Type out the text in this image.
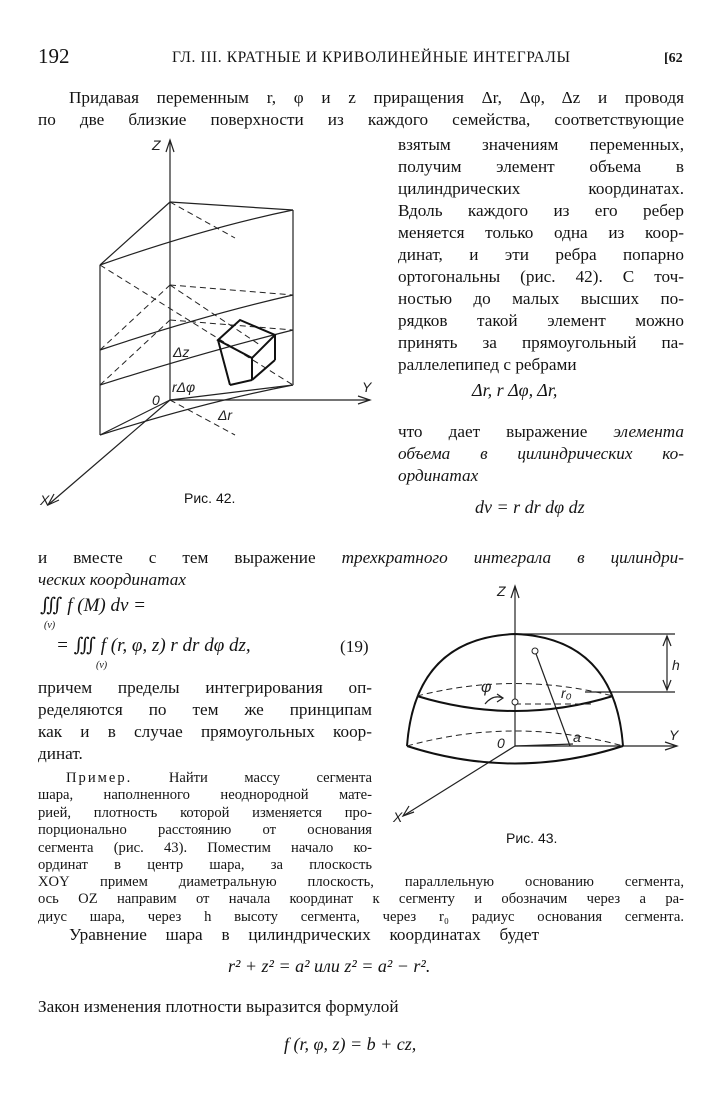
192	ГЛ. III. КРАТНЫЕ И КРИВОЛИНЕЙНЫЕ ИНТЕГРАЛЫ	[62
Придавая переменным r, φ и z приращения Δr, Δφ, Δz и проводя
по две близкие поверхности из каждого семейства, соответствующие
взятым значениям переменных,
получим элемент объема в
цилиндрических координатах.
Вдоль каждого из его ребер
меняется только одна из коор-
динат, и эти ребра попарно
ортогональны (рис. 42). С точ-
ностью до малых высших по-
рядков такой элемент можно
принять за прямоугольный па-
раллелепипед с ребрами
Δr, r Δφ, Δr,
что дает выражение элемента
объема в цилиндрических ко-
ординатах
dv = r dr dφ dz
Z
Y
X
0
Δz
rΔφ
Δr
Рис. 42.
и вместе с тем выражение трехкратного интеграла в цилиндри-
ческих координатах
∭ f (M) dv =
(v)
= ∭ f (r, φ, z) r dr dφ dz,
(v)
(19)
причем пределы интегрирования оп-
ределяются по тем же принципам
как и в случае прямоугольных коор-
динат.
Пример.	Найти массу сегмента
шара, наполненного неоднородной мате-
рией, плотность которой изменяется про-
порционально расстоянию от основания
сегмента (рис. 43). Поместим начало ко-
ординат в центр шара, за плоскость
XOY примем диаметральную плоскость, параллельную основанию сегмента,
ось OZ направим от начала координат к сегменту и обозначим через a ра-
диус шара, через h высоту сегмента, через r₀ радиус основания сегмента.
Z
Y
X
0
h
φ	r₀
a
Рис. 43.
Уравнение шара в цилиндрических координатах будет
r² + z² = a² или z² = a² − r².
Закон изменения плотности выразится формулой
f (r, φ, z) = b + cz,
